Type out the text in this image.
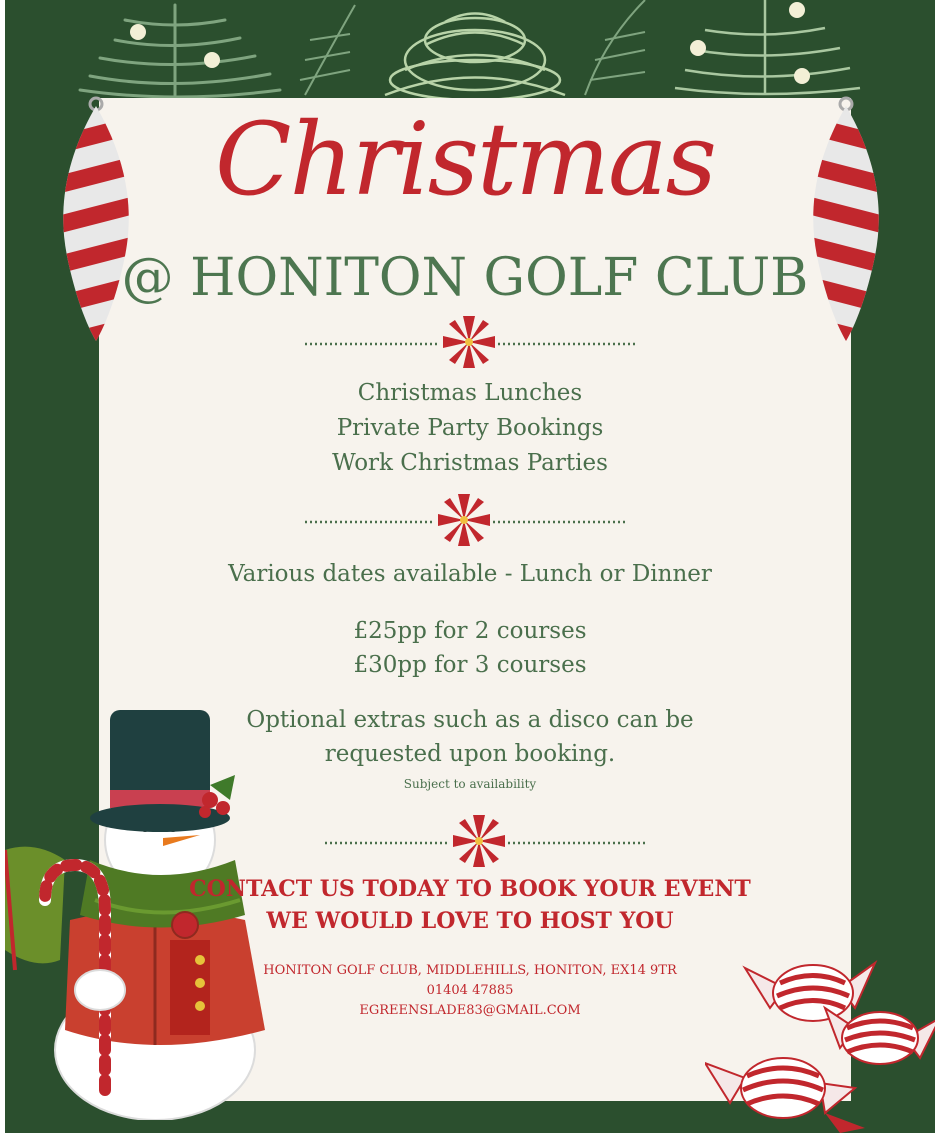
Christmas
@ HONITON GOLF CLUB
Christmas Lunches
Private Party Bookings
Work Christmas Parties
Various dates available - Lunch or Dinner
£25pp for 2 courses
£30pp for 3 courses
Optional extras such as a disco can be
requested upon booking.
Subject to availability
CONTACT US TODAY TO BOOK YOUR EVENT
WE WOULD LOVE TO HOST YOU
HONITON GOLF CLUB, MIDDLEHILLS, HONITON, EX14 9TR
01404 47885
EGREENSLADE83@GMAIL.COM
